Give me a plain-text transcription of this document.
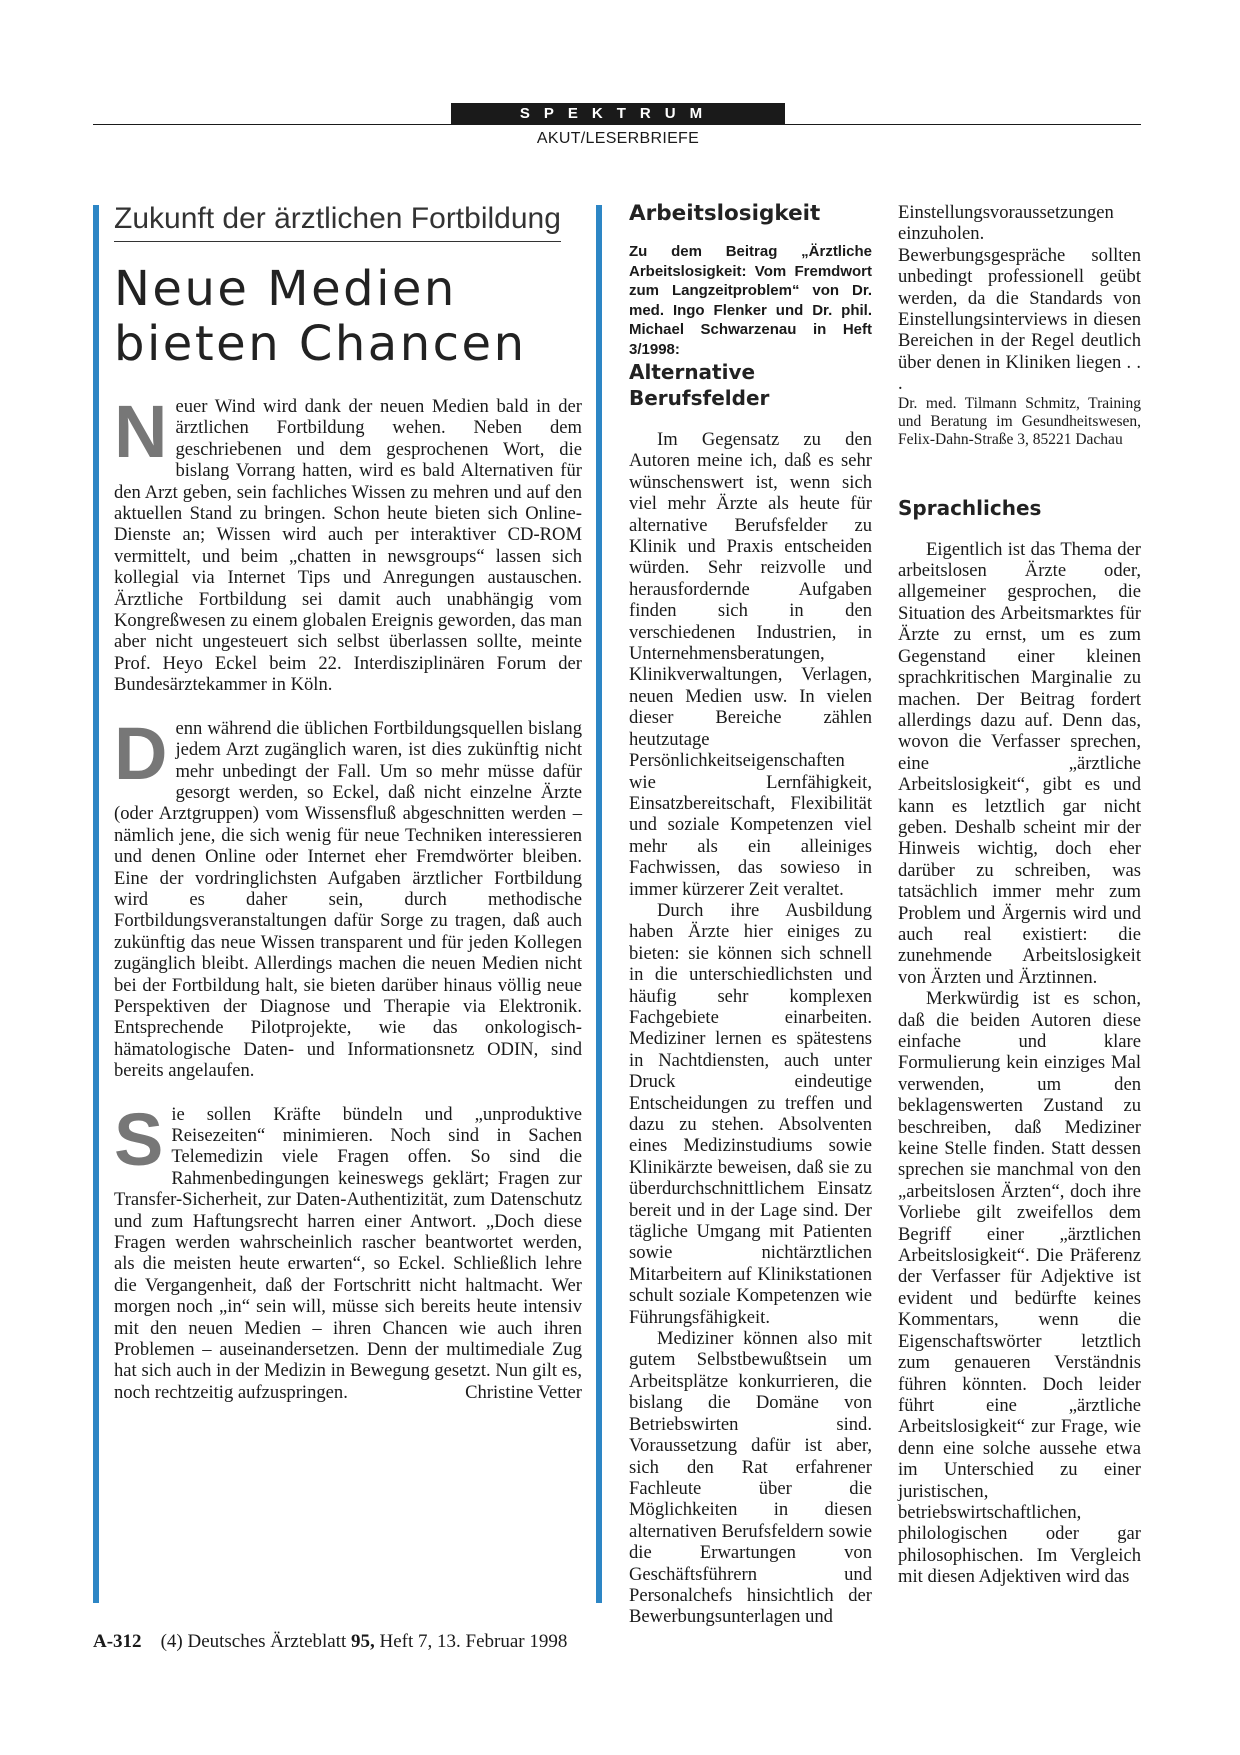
SPEKTRUM
AKUT/LESERBRIEFE
Zukunft der ärztlichen Fortbildung
Neue Medien
bieten Chancen

Neuer Wind wird dank der neuen Medien bald in der ärztlichen Fortbildung wehen. Neben dem geschriebenen und dem gesprochenen Wort, die bislang Vorrang hatten, wird es bald Alternativen für den Arzt geben, sein fachliches Wissen zu mehren und auf den aktuellen Stand zu bringen. Schon heute bieten sich Online-Dienste an; Wissen wird auch per interaktiver CD-ROM vermittelt, und beim „chatten in newsgroups“ lassen sich kollegial via Internet Tips und Anregungen austauschen. Ärztliche Fortbildung sei damit auch unabhängig vom Kongreßwesen zu einem globalen Ereignis geworden, das man aber nicht ungesteuert sich selbst überlassen sollte, meinte Prof. Heyo Eckel beim 22. Interdisziplinären Forum der Bundesärztekammer in Köln.

Denn während die üblichen Fortbildungsquellen bislang jedem Arzt zugänglich waren, ist dies zukünftig nicht mehr unbedingt der Fall. Um so mehr müsse dafür gesorgt werden, so Eckel, daß nicht einzelne Ärzte (oder Arztgruppen) vom Wissensfluß abgeschnitten werden – nämlich jene, die sich wenig für neue Techniken interessieren und denen Online oder Internet eher Fremdwörter bleiben. Eine der vordringlichsten Aufgaben ärztlicher Fortbildung wird es daher sein, durch methodische Fortbildungsveranstaltungen dafür Sorge zu tragen, daß auch zukünftig das neue Wissen transparent und für jeden Kollegen zugänglich bleibt. Allerdings machen die neuen Medien nicht bei der Fortbildung halt, sie bieten darüber hinaus völlig neue Perspektiven der Diagnose und Therapie via Elektronik. Entsprechende Pilotprojekte, wie das onkologisch-hämatologische Daten- und Informationsnetz ODIN, sind bereits angelaufen.

Sie sollen Kräfte bündeln und „unproduktive Reisezeiten“ minimieren. Noch sind in Sachen Telemedizin viele Fragen offen. So sind die Rahmenbedingungen keineswegs geklärt; Fragen zur Transfer-Sicherheit, zur Daten-Authentizität, zum Datenschutz und zum Haftungsrecht harren einer Antwort. „Doch diese Fragen werden wahrscheinlich rascher beantwortet werden, als die meisten heute erwarten“, so Eckel. Schließlich lehre die Vergangenheit, daß der Fortschritt nicht haltmacht. Wer morgen noch „in“ sein will, müsse sich bereits heute intensiv mit den neuen Medien – ihren Chancen wie auch ihren Problemen – auseinandersetzen. Denn der multimediale Zug hat sich auch in der Medizin in Bewegung gesetzt. Nun gilt es, noch rechtzeitig aufzuspringen.	Christine Vetter

Arbeitslosigkeit

Zu dem Beitrag „Ärztliche Arbeitslosigkeit: Vom Fremdwort zum Langzeitproblem“ von Dr. med. Ingo Flenker und Dr. phil. Michael Schwarzenau in Heft 3/1998:

Alternative
Berufsfelder

Im Gegensatz zu den Autoren meine ich, daß es sehr wünschenswert ist, wenn sich viel mehr Ärzte als heute für alternative Berufsfelder zu Klinik und Praxis entscheiden würden. Sehr reizvolle und herausfordernde Aufgaben finden sich in den verschiedenen Industrien, in Unternehmensberatungen, Klinikverwaltungen, Verlagen, neuen Medien usw. In vielen dieser Bereiche zählen heutzutage Persönlichkeitseigenschaften wie Lernfähigkeit, Einsatzbereitschaft, Flexibilität und soziale Kompetenzen viel mehr als ein alleiniges Fachwissen, das sowieso in immer kürzerer Zeit veraltet.

Durch ihre Ausbildung haben Ärzte hier einiges zu bieten: sie können sich schnell in die unterschiedlichsten und häufig sehr komplexen Fachgebiete einarbeiten. Mediziner lernen es spätestens in Nachtdiensten, auch unter Druck eindeutige Entscheidungen zu treffen und dazu zu stehen. Absolventen eines Medizinstudiums sowie Klinikärzte beweisen, daß sie zu überdurchschnittlichem Einsatz bereit und in der Lage sind. Der tägliche Umgang mit Patienten sowie nichtärztlichen Mitarbeitern auf Klinikstationen schult soziale Kompetenzen wie Führungsfähigkeit.

Mediziner können also mit gutem Selbstbewußtsein um Arbeitsplätze konkurrieren, die bislang die Domäne von Betriebswirten sind. Voraussetzung dafür ist aber, sich den Rat erfahrener Fachleute über die Möglichkeiten in diesen alternativen Berufsfeldern sowie die Erwartungen von Geschäftsführern und Personalchefs hinsichtlich der Bewerbungsunterlagen und

Einstellungsvoraussetzungen einzuholen. Bewerbungsgespräche sollten unbedingt professionell geübt werden, da die Standards von Einstellungsinterviews in diesen Bereichen in der Regel deutlich über denen in Kliniken liegen . . .

Dr. med. Tilmann Schmitz, Training und Beratung im Gesundheitswesen, Felix-Dahn-Straße 3, 85221 Dachau

Sprachliches

Eigentlich ist das Thema der arbeitslosen Ärzte oder, allgemeiner gesprochen, die Situation des Arbeitsmarktes für Ärzte zu ernst, um es zum Gegenstand einer kleinen sprachkritischen Marginalie zu machen. Der Beitrag fordert allerdings dazu auf. Denn das, wovon die Verfasser sprechen, eine „ärztliche Arbeitslosigkeit“, gibt es und kann es letztlich gar nicht geben. Deshalb scheint mir der Hinweis wichtig, doch eher darüber zu schreiben, was tatsächlich immer mehr zum Problem und Ärgernis wird und auch real existiert: die zunehmende Arbeitslosigkeit von Ärzten und Ärztinnen.

Merkwürdig ist es schon, daß die beiden Autoren diese einfache und klare Formulierung kein einziges Mal verwenden, um den beklagenswerten Zustand zu beschreiben, daß Mediziner keine Stelle finden. Statt dessen sprechen sie manchmal von den „arbeitslosen Ärzten“, doch ihre Vorliebe gilt zweifellos dem Begriff einer „ärztlichen Arbeitslosigkeit“. Die Präferenz der Verfasser für Adjektive ist evident und bedürfte keines Kommentars, wenn die Eigenschaftswörter letztlich zum genaueren Verständnis führen könnten. Doch leider führt eine „ärztliche Arbeitslosigkeit“ zur Frage, wie denn eine solche aussehe etwa im Unterschied zu einer juristischen, betriebswirtschaftlichen, philologischen oder gar philosophischen. Im Vergleich mit diesen Adjektiven wird das

A-312 (4) Deutsches Ärzteblatt 95, Heft 7, 13. Februar 1998
